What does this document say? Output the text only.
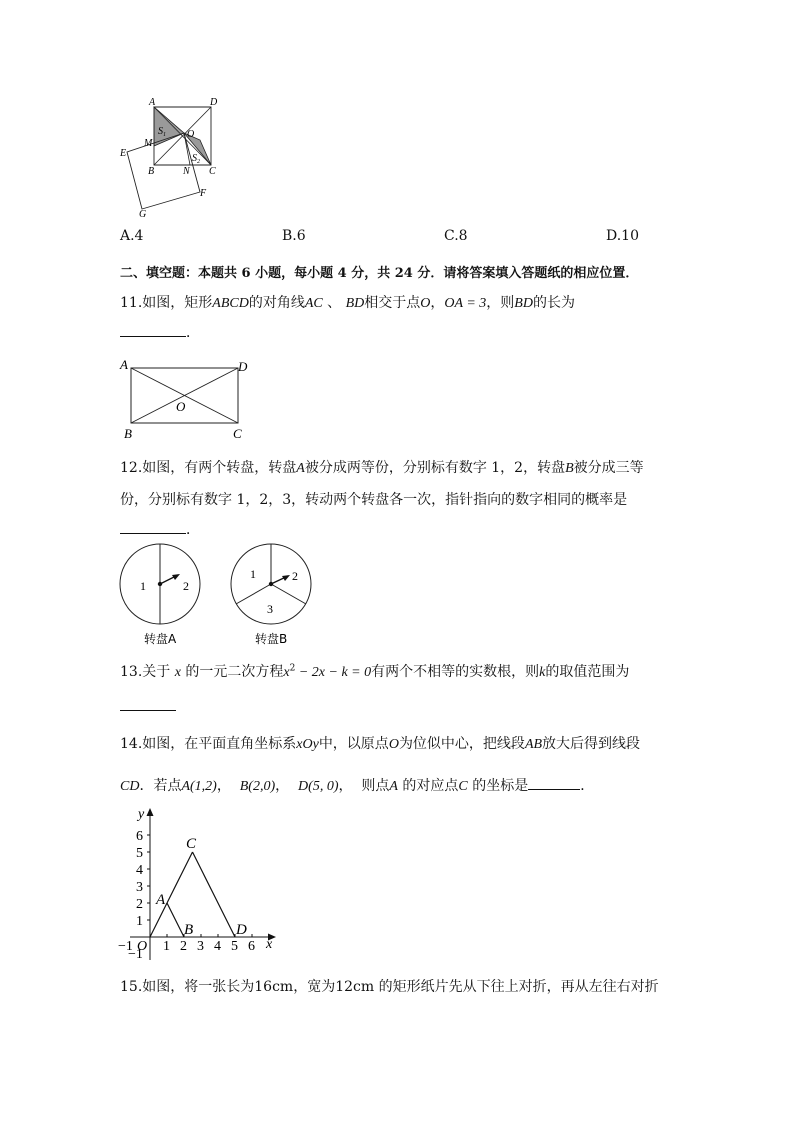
A	D
$S_1$ O
M
E	$S_2$
B	N C
F
G
A.4	B.6	C.8	D.10
二、填空题：本题共 6 小题，每小题 4 分，共 24 分．请将答案填入答题纸的相应位置．
11.如图，矩形ABCD的对角线AC 、 BD相交于点O，OA = 3，则BD的长为
．
A	D
O
B	C
12.如图，有两个转盘，转盘A被分成两等份，分别标有数字 1，2，转盘B被分成三等
份，分别标有数字 1，2，3，转动两个转盘各一次，指针指向的数字相同的概率是
．
1	2
转盘A
1	2
3
转盘B
13.关于 x 的一元二次方程$x^2 - 2x - k = 0$有两个不相等的实数根，则k的取值范围为
14.如图，在平面直角坐标系xOy中，以原点O为位似中心，把线段AB放大后得到线段
CD．若点A(1,2)， B(2,0)， D(5, 0)， 则点A 的对应点C 的坐标是	．
6
5
4
3
2
1
−1
−1 1 2 3 4 5 6
O
y
x
A
B
C
D
15.如图，将一张长为16cm，宽为12cm 的矩形纸片先从下往上对折，再从左往右对折
